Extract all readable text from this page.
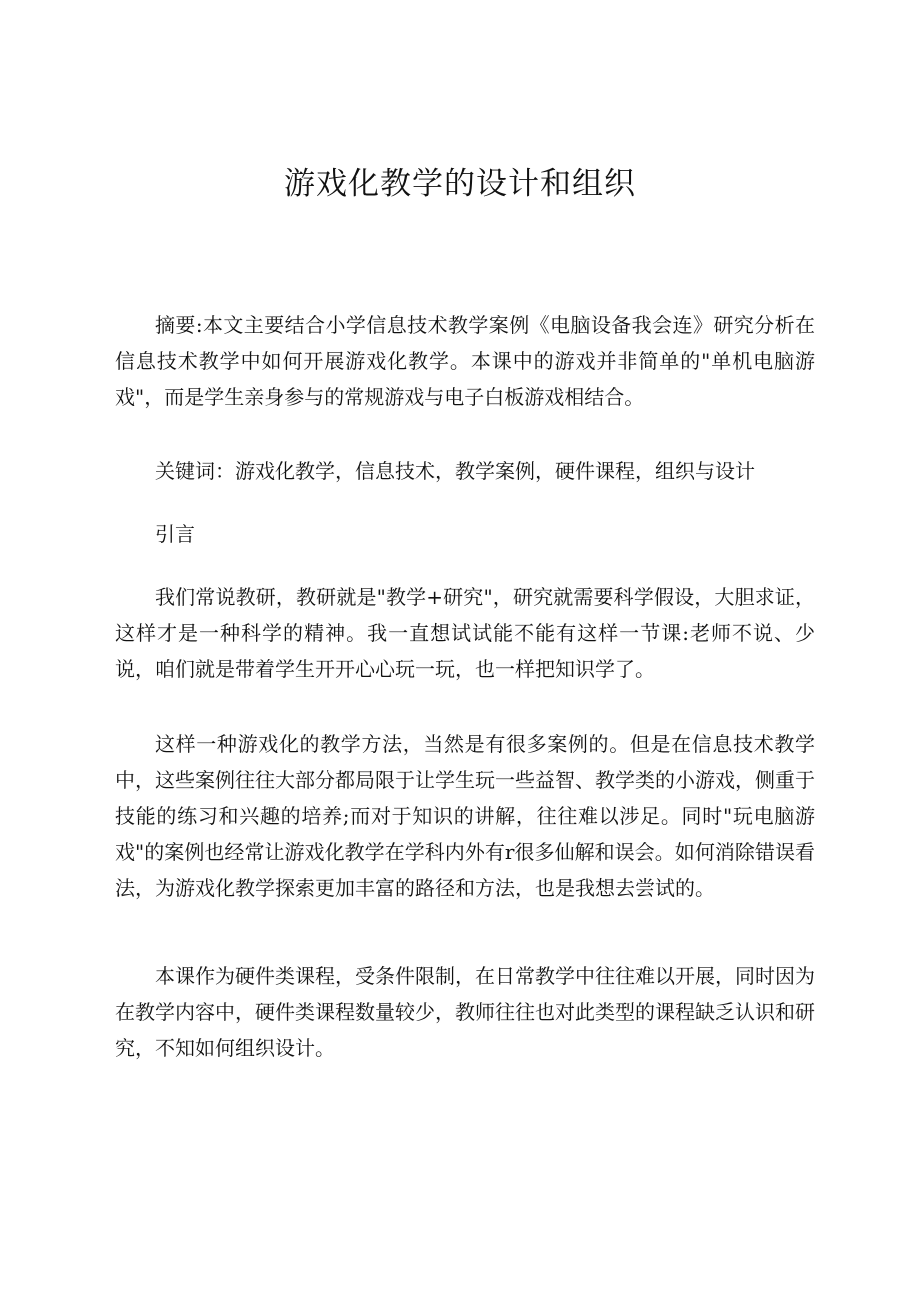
游戏化教学的设计和组织

摘要:本文主要结合小学信息技术教学案例《电脑设备我会连》研究分析在信息技术教学中如何开展游戏化教学。本课中的游戏并非简单的"单机电脑游戏"，而是学生亲身参与的常规游戏与电子白板游戏相结合。

关键词：游戏化教学，信息技术，教学案例，硬件课程，组织与设计

引言

我们常说教研，教研就是"教学+研究"，研究就需要科学假设，大胆求证，这样才是一种科学的精神。我一直想试试能不能有这样一节课:老师不说、少说，咱们就是带着学生开开心心玩一玩，也一样把知识学了。

这样一种游戏化的教学方法，当然是有很多案例的。但是在信息技术教学中，这些案例往往大部分都局限于让学生玩一些益智、教学类的小游戏，侧重于技能的练习和兴趣的培养;而对于知识的讲解，往往难以涉足。同时"玩电脑游戏"的案例也经常让游戏化教学在学科内外有r很多仙解和误会。如何消除错误看法，为游戏化教学探索更加丰富的路径和方法，也是我想去尝试的。

本课作为硬件类课程，受条件限制，在日常教学中往往难以开展，同时因为在教学内容中，硬件类课程数量较少，教师往往也对此类型的课程缺乏认识和研究，不知如何组织设计。
